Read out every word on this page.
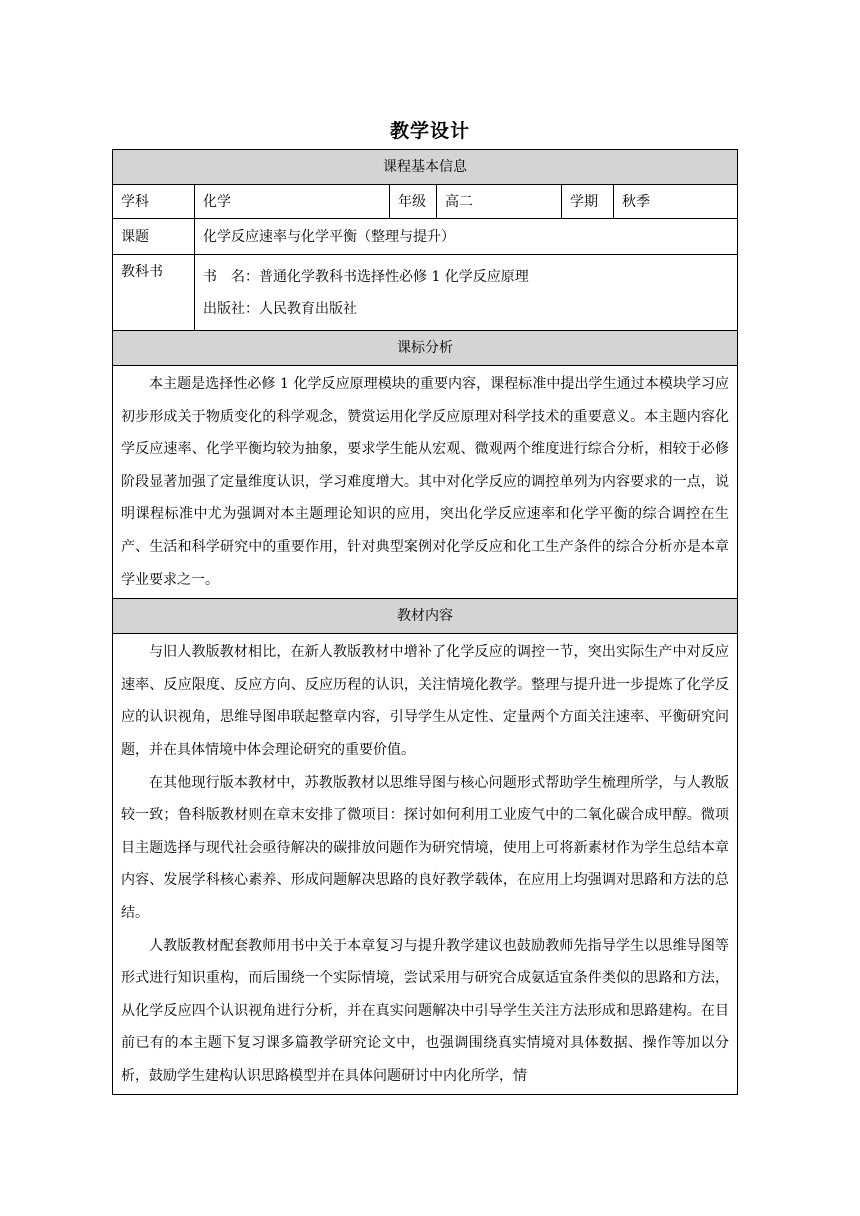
教学设计
课程基本信息					
学科	化学	年级	高二	学期	秋季
课题	化学反应速率与化学平衡（整理与提升）				
教科书	书　名：普通化学教科书选择性必修 1 化学反应原理
出版社：人民教育出版社				

课标分析					

本主题是选择性必修 1 化学反应原理模块的重要内容，课程标准中提出学生通过本模块学习应初步形成关于物质变化的科学观念，赞赏运用化学反应原理对科学技术的重要意义。本主题内容化学反应速率、化学平衡均较为抽象，要求学生能从宏观、微观两个维度进行综合分析，相较于必修阶段显著加强了定量维度认识，学习难度增大。其中对化学反应的调控单列为内容要求的一点，说明课程标准中尤为强调对本主题理论知识的应用，突出化学反应速率和化学平衡的综合调控在生产、生活和科学研究中的重要作用，针对典型案例对化学反应和化工生产条件的综合分析亦是本章学业要求之一。					

教材内容					

与旧人教版教材相比，在新人教版教材中增补了化学反应的调控一节，突出实际生产中对反应速率、反应限度、反应方向、反应历程的认识，关注情境化教学。整理与提升进一步提炼了化学反应的认识视角，思维导图串联起整章内容，引导学生从定性、定量两个方面关注速率、平衡研究问题，并在具体情境中体会理论研究的重要价值。

在其他现行版本教材中，苏教版教材以思维导图与核心问题形式帮助学生梳理所学，与人教版较一致；鲁科版教材则在章末安排了微项目：探讨如何利用工业废气中的二氧化碳合成甲醇。微项目主题选择与现代社会亟待解决的碳排放问题作为研究情境，使用上可将新素材作为学生总结本章内容、发展学科核心素养、形成问题解决思路的良好教学载体，在应用上均强调对思路和方法的总结。

人教版教材配套教师用书中关于本章复习与提升教学建议也鼓励教师先指导学生以思维导图等形式进行知识重构，而后围绕一个实际情境，尝试采用与研究合成氨适宜条件类似的思路和方法，从化学反应四个认识视角进行分析，并在真实问题解决中引导学生关注方法形成和思路建构。在目前已有的本主题下复习课多篇教学研究论文中，也强调围绕真实情境对具体数据、操作等加以分析，鼓励学生建构认识思路模型并在具体问题研讨中内化所学，情					
